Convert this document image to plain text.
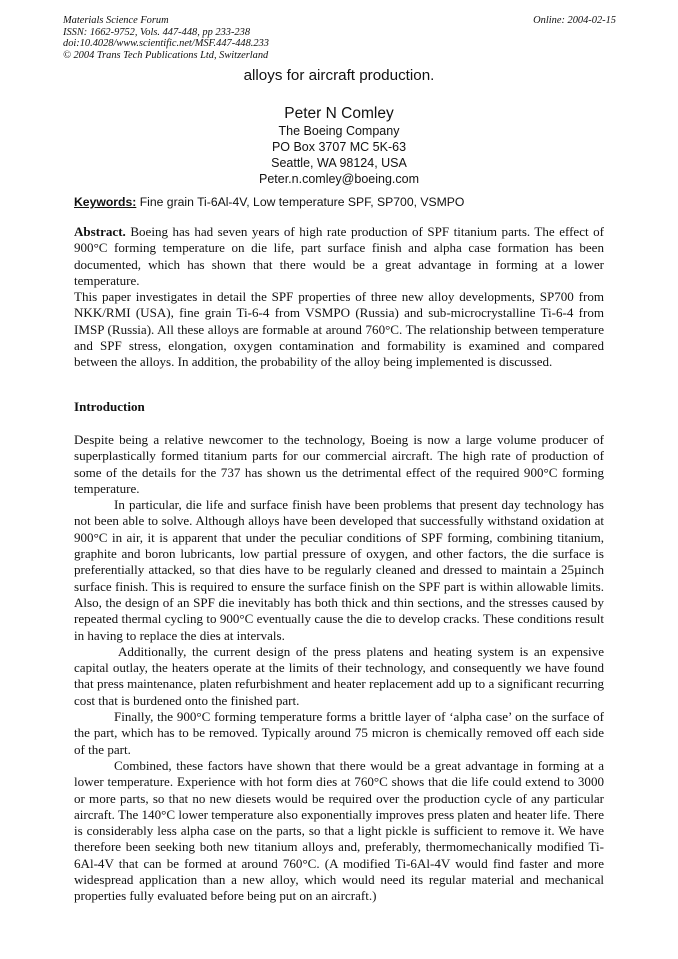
Materials Science Forum
ISSN: 1662-9752, Vols. 447-448, pp 233-238
doi:10.4028/www.scientific.net/MSF.447-448.233
© 2004 Trans Tech Publications Ltd, Switzerland
Online: 2004-02-15
alloys for aircraft production.
Peter N Comley
The Boeing Company
PO Box 3707 MC 5K-63
Seattle, WA 98124, USA
Peter.n.comley@boeing.com
Keywords: Fine grain Ti-6Al-4V, Low temperature SPF, SP700, VSMPO

Abstract. Boeing has had seven years of high rate production of SPF titanium parts. The effect of 900°C forming temperature on die life, part surface finish and alpha case formation has been documented, which has shown that there would be a great advantage in forming at a lower temperature.

This paper investigates in detail the SPF properties of three new alloy developments, SP700 from NKK/RMI (USA), fine grain Ti-6-4 from VSMPO (Russia) and sub-microcrystalline Ti-6-4 from IMSP (Russia). All these alloys are formable at around 760°C. The relationship between temperature and SPF stress, elongation, oxygen contamination and formability is examined and compared between the alloys. In addition, the probability of the alloy being implemented is discussed.

Introduction

Despite being a relative newcomer to the technology, Boeing is now a large volume producer of superplastically formed titanium parts for our commercial aircraft. The high rate of production of some of the details for the 737 has shown us the detrimental effect of the required 900°C forming temperature.

In particular, die life and surface finish have been problems that present day technology has not been able to solve. Although alloys have been developed that successfully withstand oxidation at 900°C in air, it is apparent that under the peculiar conditions of SPF forming, combining titanium, graphite and boron lubricants, low partial pressure of oxygen, and other factors, the die surface is preferentially attacked, so that dies have to be regularly cleaned and dressed to maintain a 25µinch surface finish. This is required to ensure the surface finish on the SPF part is within allowable limits. Also, the design of an SPF die inevitably has both thick and thin sections, and the stresses caused by repeated thermal cycling to 900°C eventually cause the die to develop cracks. These conditions result in having to replace the dies at intervals.

Additionally, the current design of the press platens and heating system is an expensive capital outlay, the heaters operate at the limits of their technology, and consequently we have found that press maintenance, platen refurbishment and heater replacement add up to a significant recurring cost that is burdened onto the finished part.

Finally, the 900°C forming temperature forms a brittle layer of ‘alpha case’ on the surface of the part, which has to be removed. Typically around 75 micron is chemically removed off each side of the part.

Combined, these factors have shown that there would be a great advantage in forming at a lower temperature. Experience with hot form dies at 760°C shows that die life could extend to 3000 or more parts, so that no new diesets would be required over the production cycle of any particular aircraft. The 140°C lower temperature also exponentially improves press platen and heater life. There is considerably less alpha case on the parts, so that a light pickle is sufficient to remove it. We have therefore been seeking both new titanium alloys and, preferably, thermomechanically modified Ti-6Al-4V that can be formed at around 760°C. (A modified Ti-6Al-4V would find faster and more widespread application than a new alloy, which would need its regular material and mechanical properties fully evaluated before being put on an aircraft.)
